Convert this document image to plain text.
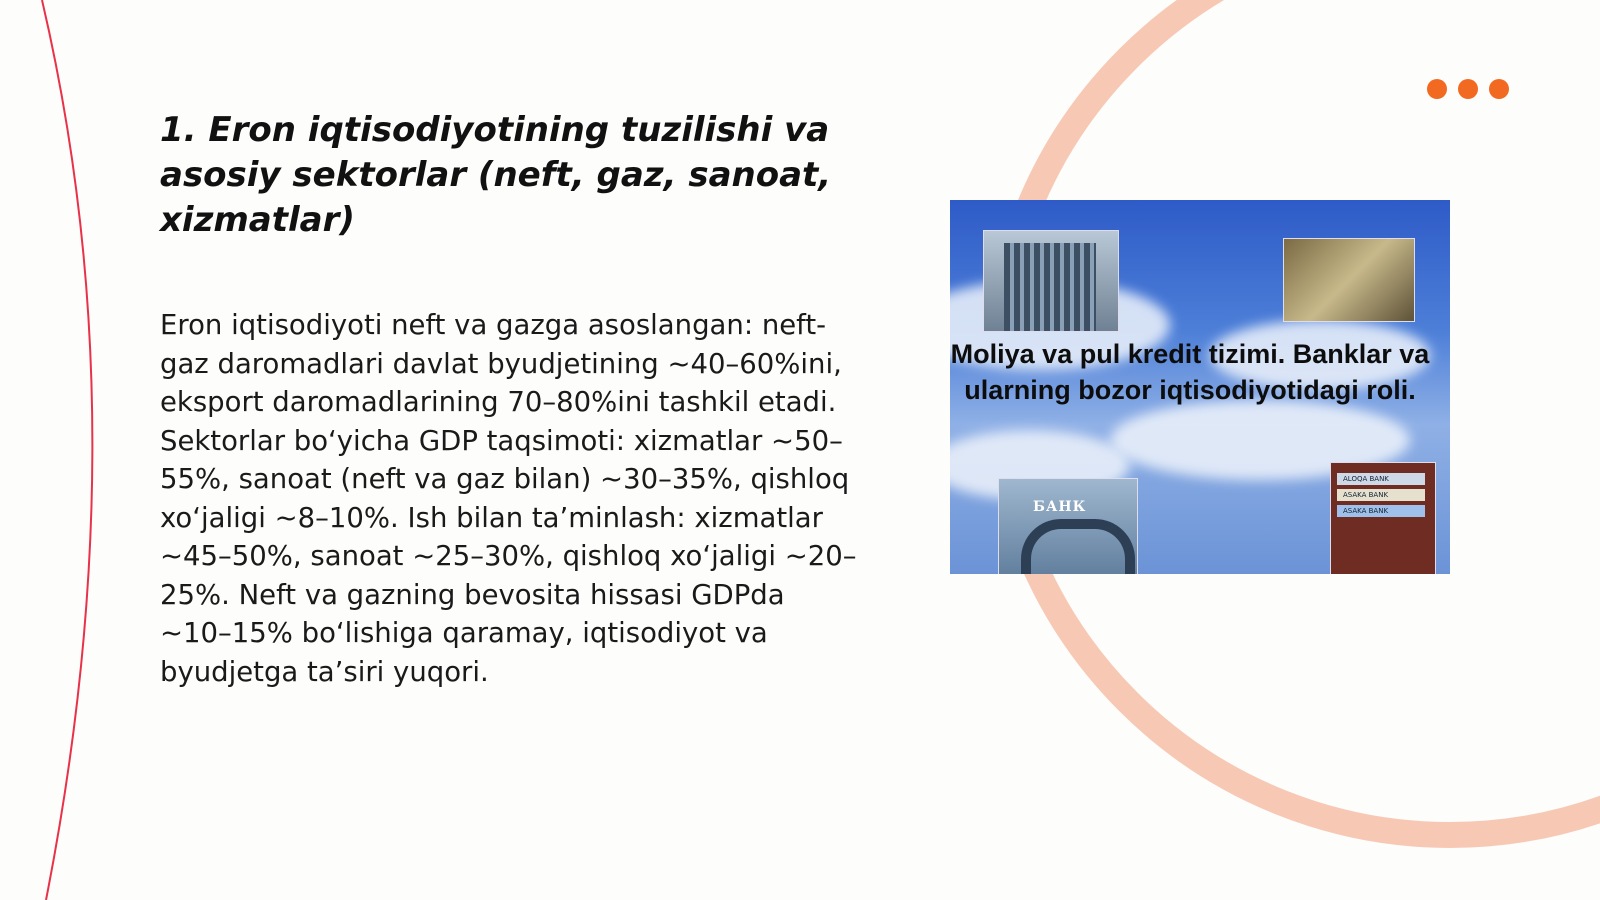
1. Eron iqtisodiyotining tuzilishi va asosiy sektorlar (neft, gaz, sanoat, xizmatlar)

Eron iqtisodiyoti neft va gazga asoslangan: neft-gaz daromadlari davlat byudjetining ~40–60%ini, eksport daromadlarining 70–80%ini tashkil etadi. Sektorlar bo‘yicha GDP taqsimoti: xizmatlar ~50–55%, sanoat (neft va gaz bilan) ~30–35%, qishloq xo‘jaligi ~8–10%. Ish bilan ta’minlash: xizmatlar ~45–50%, sanoat ~25–30%, qishloq xo‘jaligi ~20–25%. Neft va gazning bevosita hissasi GDPda ~10–15% bo‘lishiga qaramay, iqtisodiyot va byudjetga ta’siri yuqori.

Moliya va pul kredit tizimi. Banklar va ularning bozor iqtisodiyotidagi roli.

БАНК
ALOQA BANK
ASAKA BANK
ASAKA BANK
